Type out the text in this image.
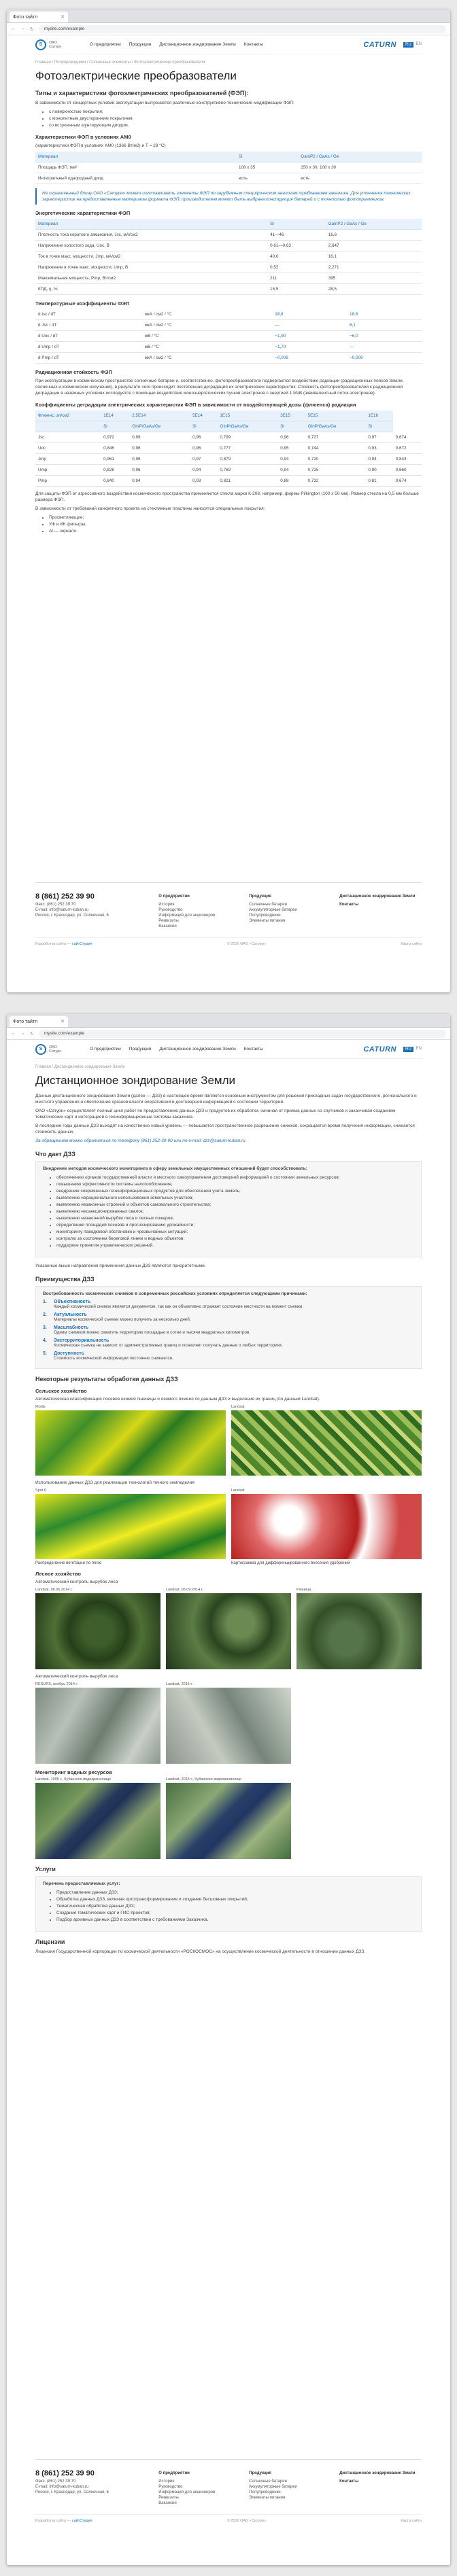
Фото тайтл	✕
← → ↻	mysite.com/example
S	ОАО
Сатурн	О предприятии Продукция Дистанционное зондирование Земли Контакты	CATURN	RU	EN
Главная / Полупроводники / Солнечные элементы / Фотоэлектрические преобразователи
Фотоэлектрические преобразователи
Типы и характеристики фотоэлектрических преобразователей (ФЭП):

В зависимости от концертных условий эксплуатации выпускаются различные конструктивно-технические модификации ФЭП:

• с поверхностью покрытия;
• с монолитным двусторонним покрытием;
• со встроенным шунтирующим диодом.
Характеристики ФЭП в условиях АМ0

(характеристики ФЭП в условиях АМ0 (1366 Вт/м2) и T = 28 °С)

Материал	Si	GaInP2 / GaAs / Ge
Площадь ФЭП, мм²	108 х 35	150 х 30, 108 х 30
Интегральный однородный диод	есть	есть
Не ограниченный длину ОАО «Сатурн» может изготавливать элементы ФЭП по зарубежным специфическим аналогам требованиям заказчика. Для уточнения технических характеристик на предоставленные материалы формата ФЭП, производителем может быть выбрана конструкция батарей и с точностью фотоприемников.
Энергетические характеристики ФЭП
Материал	Si	GaInP2 / GaAs / Ge
Плотность тока короткого замыкания, Jsc, мА/см2	41—46	16,6
Напряжение холостого хода, Uoc, В	0,61—0,63	2,647
Ток в точке макс. мощности, Jmp, мА/см2	40,0	16,1
Напряжение в точке макс. мощности, Ump, В	0,52	2,271
Максимальная мощность, Pmp, Вт/см2	211	395
КПД, η, %	15,5	28,5
Температурные коэффициенты ФЭП
d Isc / dT	мкА / см2 / °C	18,8	18,6
d Jsc / dT	мкА / см2 / °C	—	6,1
d Uoc / dT	мВ / °C	−1,90	−6,0
d Ump / dT	мВ / °C	−1,70	—
d Pmp / dT	мкА / см2 / °C	−0,008	−0,009
Радиационная стойкость ФЭП

При эксплуатации в космическом пространстве солнечные батареи и, соответственно, фотопреобразователи подвергаются воздействию радиации (радиационных поясов Земли, солнечных и космических излучений), в результате чего происходит постепенная деградация их электрических характеристик. Стойкость фотопреобразователей к радиационной деградации в наземных условиях исследуется с помощью воздействия моноэнергетических пучков электронов с энергией 1 МэВ (эквивалентный поток электронов).

Коэффициенты деградации электрических характеристик ФЭП в зависимости от воздействующей дозы (флюенса) радиации
Флюенс, эл/см2	1E14	2,5E14	5E14	1E15	3E15	5E15	1E16	
	Si	GInP/GaAs/Ge	Si	GInP/GaAs/Ge	Si	GInP/GaAs/Ge	Si	
Jsc	0,972	0,99	0,96	0,799	0,96	0,727	0,97	0,674
Uoc	0,846	0,96	0,96	0,777	0,95	0,744	0,93	0,672
Jmp	0,961	0,96	0,97	0,879	0,94	0,720	0,94	0,843
Ump	0,828	0,96	0,94	0,769	0,94	0,725	0,90	0,660
Pmp	0,840	0,94	0,93	0,821	0,88	0,732	0,81	0,674

Для защиты ФЭП от агрессивного воздействия космического пространства применяются стекла марки К-208, например, фирмы Pilkington (100 х 50 мм). Размер стекла на 0,5 мм больше размера ФЭП.

В зависимости от требований конкретного проекта на стеклянные пластины наносятся специальные покрытия:

• Просветляющие;
• УФ и ИК фильтры;
• Al — зеркало.
8 (861) 252 39 90
Факс: (861) 252 39 70
E-mail: info@saturn-kuban.ru
Россия, г. Краснодар, ул. Солнечная, 6
О предприятии
История
Руководство
Информация для акционеров
Реквизиты
Вакансии
Продукция
Солнечные батареи
Аккумуляторные батареи
Полупроводники
Элементы питания
Дистанционное зондирование Земли
Контакты
Разработка сайта — сайтСтудия	© 2016 ОАО «Сатурн»	Карта сайта
Фото тайтл	✕
← → ↻	mysite.com/example
S	ОАО
Сатурн	О предприятии Продукция Дистанционное зондирование Земли Контакты	CATURN	RU	EN
Главная / Дистанционное зондирование Земли
Дистанционное зондирование Земли

Данные дистанционного зондирования Земли (далее — ДЗЗ) в настоящее время являются основным инструментом для решения прикладных задач государственного, регионального и местного управления и обеспечения органов власти оперативной и достоверной информацией о состоянии территорий.

ОАО «Сатурн» осуществляет полный цикл работ по предоставлению данных ДЗЗ и продуктов их обработки, начиная от приема данных со спутников и заканчивая созданием тематических карт и интеграцией в геоинформационные системы заказчика.

В последние годы данные ДЗЗ выходят на качественно новый уровень — повышается пространственное разрешение снимков, сокращается время получения информации, снижается стоимость данных.

За обращением можно обратиться по телефону (861) 252-39-90 или по e-mail: dzz@saturn-kuban.ru

Что дает ДЗЗ

Внедрение методов космического мониторинга в сферу земельных имущественных отношений будет способствовать:

• обеспечению органов государственной власти и местного самоуправления достоверной информацией о состоянии земельных ресурсов;
• повышению эффективности системы налогообложения;
• внедрению современных геоинформационных продуктов для обеспечения учета земель;
• выявлению нерационального использования земельных участков;
• выявлению незаконных строений и объектов самовольного строительства;
• выявлению несанкционированных свалок;
• выявлению незаконной вырубки леса и лесных пожаров;
• определению площадей посевов и прогнозированию урожайности;
• мониторингу паводковой обстановки и чрезвычайных ситуаций;
• контролю за состоянием береговой линии и водных объектов;
• поддержке принятия управленческих решений.

Указанные выше направления применения данных ДЗЗ являются приоритетными.

Преимущества ДЗЗ

Востребованность космических снимков в современных российских условиях определяется следующими причинами:

1.	Объективность
Каждый космический снимок является документом, так как он объективно отражает состояние местности на момент съемки.
2.	Актуальность
Материалы космической съемки можно получить за несколько дней.
3.	Масштабность
Одним снимком можно охватить территорию площадью в сотни и тысячи квадратных километров.
4.	Экстерриториальность
Космическая съемка не зависит от административных границ и позволяет получать данные о любых территориях.
5.	Доступность
Стоимость космической информации постоянно снижается.
Некоторые результаты обработки данных ДЗЗ
Сельское хозяйство

Автоматическая классификация посевов озимой пшеницы и озимого ячменя по данным ДЗЗ и выделение их границ (по данным Landsat).

Modis	Landsat

Использование данных ДЗЗ для реализации технологий точного земледелия

Spot 6
Распределение вегетации по полю
Landsat
Картограмма для дифференцированного внесения удобрений
Лесное хозяйство

Автоматический контроль вырубок леса

Landsat, 06.06.2014 г.	Landsat, 06.09.2014 г.	Разница

Автоматический контроль вырубок леса

RESURS, ноябрь 2014 г.	Landsat, 2015 г.
Мониторинг водных ресурсов
Landsat, 1995 г., Кубанское водохранилище	Landsat, 2015 г., Кубанское водохранилище
Услуги

Перечень предоставляемых услуг:

• Предоставление данных ДЗЗ;
• Обработка данных ДЗЗ, включая ортотрансформирование и создание бесшовных покрытий;
• Тематическая обработка данных ДЗЗ;
• Создание тематических карт и ГИС-проектов;
• Подбор архивных данных ДЗЗ в соответствии с требованиями Заказчика.
Лицензии

Лицензия Государственной корпорации по космической деятельности «РОСКОСМОС» на осуществление космической деятельности в отношении данных ДЗЗ.

8 (861) 252 39 90
Факс: (861) 252 39 70
E-mail: info@saturn-kuban.ru
Россия, г. Краснодар, ул. Солнечная, 6
О предприятии
История
Руководство
Информация для акционеров
Реквизиты
Вакансии
Продукция
Солнечные батареи
Аккумуляторные батареи
Полупроводники
Элементы питания
Дистанционное зондирование Земли
Контакты
Разработка сайта — сайтСтудия	© 2016 ОАО «Сатурн»	Карта сайта
